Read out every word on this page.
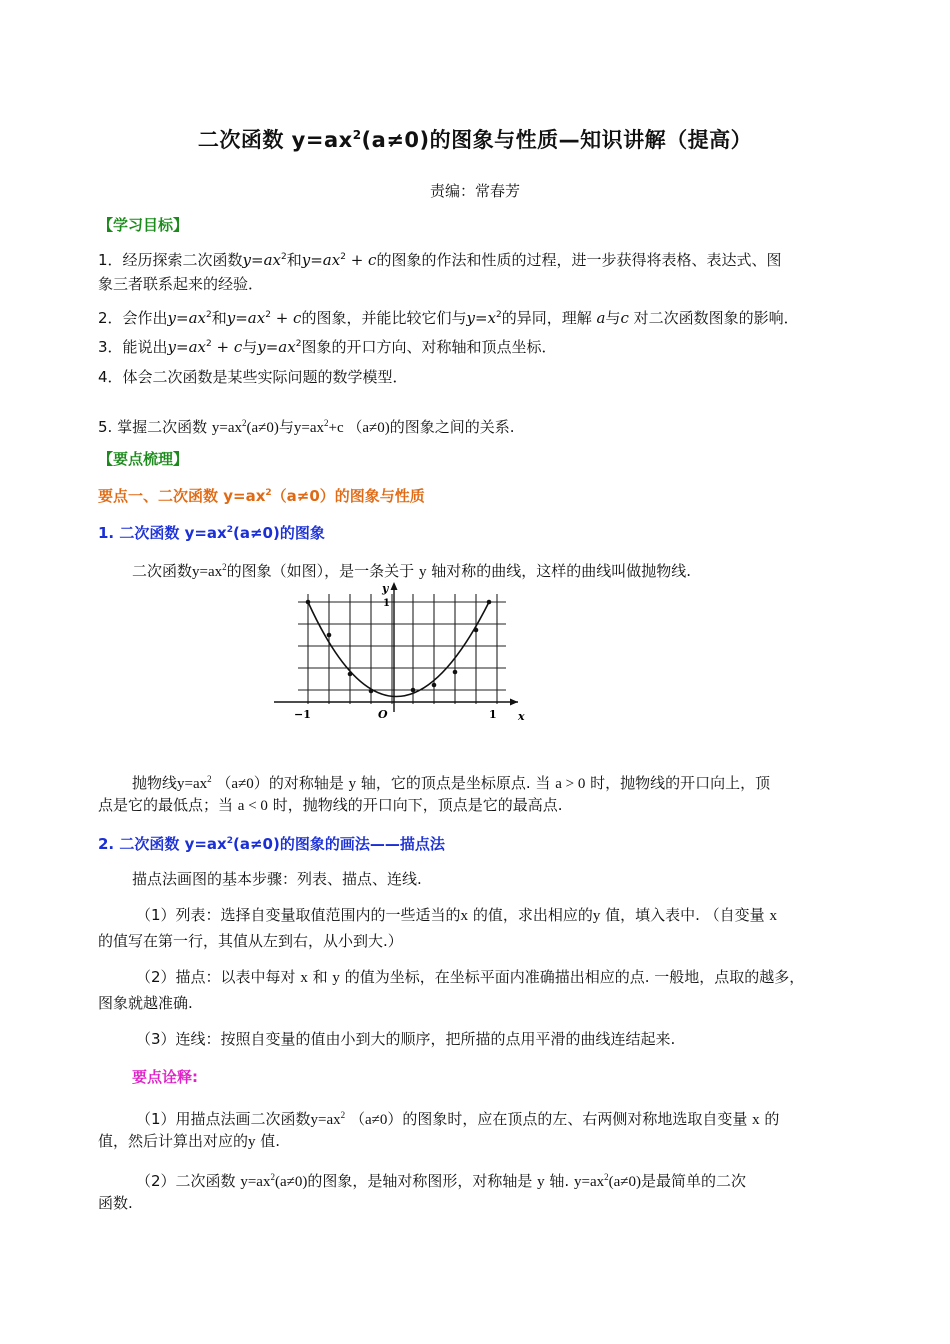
二次函数 $y=ax^2(a\ne 0)$的图象与性质—知识讲解（提高）
责编：常春芳
【学习目标】
1．经历探索二次函数$y=ax^2$和$y=ax^2 + c$的图象的作法和性质的过程，进一步获得将表格、表达式、图
象三者联系起来的经验．
2．会作出$y=ax^2$和$y=ax^2 + c$的图象，并能比较它们与$y=x^2$的异同，理解 a与c 对二次函数图象的影响．
3．能说出$y=ax^2 + c$与$y=ax^2$图象的开口方向、对称轴和顶点坐标．
4．体会二次函数是某些实际问题的数学模型．
5. 掌握二次函数 $y=ax^2(a\ne 0)$与$y=ax^2+c$ （a≠0)的图象之间的关系.
【要点梳理】
要点一、二次函数 $y=ax^2(a\ne 0)$的图象与性质
1. 二次函数 $y=ax^2(a\ne 0)$的图象
二次函数$y=ax^2$的图象（如图），是一条关于 y 轴对称的曲线，这样的曲线叫做抛物线.
y
1
x
−1	O	1
抛物线$y=ax^2$ （a≠0）的对称轴是 y 轴，它的顶点是坐标原点. 当 a > 0 时，抛物线的开口向上，顶
点是它的最低点；当 a < 0 时，抛物线的开口向下，顶点是它的最高点.
2. 二次函数 $y=ax^2(a\ne 0)$的图象的画法——描点法
描点法画图的基本步骤：列表、描点、连线.
（1）列表：选择自变量取值范围内的一些适当的x 的值，求出相应的y 值，填入表中. （自变量 x
的值写在第一行，其值从左到右，从小到大.）
（2）描点：以表中每对 x 和 y 的值为坐标，在坐标平面内准确描出相应的点. 一般地，点取的越多，
图象就越准确.
（3）连线：按照自变量的值由小到大的顺序，把所描的点用平滑的曲线连结起来.
要点诠释:
（1）用描点法画二次函数$y=ax^2$ （a≠0）的图象时，应在顶点的左、右两侧对称地选取自变量 x 的
值，然后计算出对应的y 值.
（2）二次函数 $y=ax^2(a\ne 0)$的图象，是轴对称图形，对称轴是 y 轴. $y=ax^2(a\ne 0)$是最简单的二次
函数.
